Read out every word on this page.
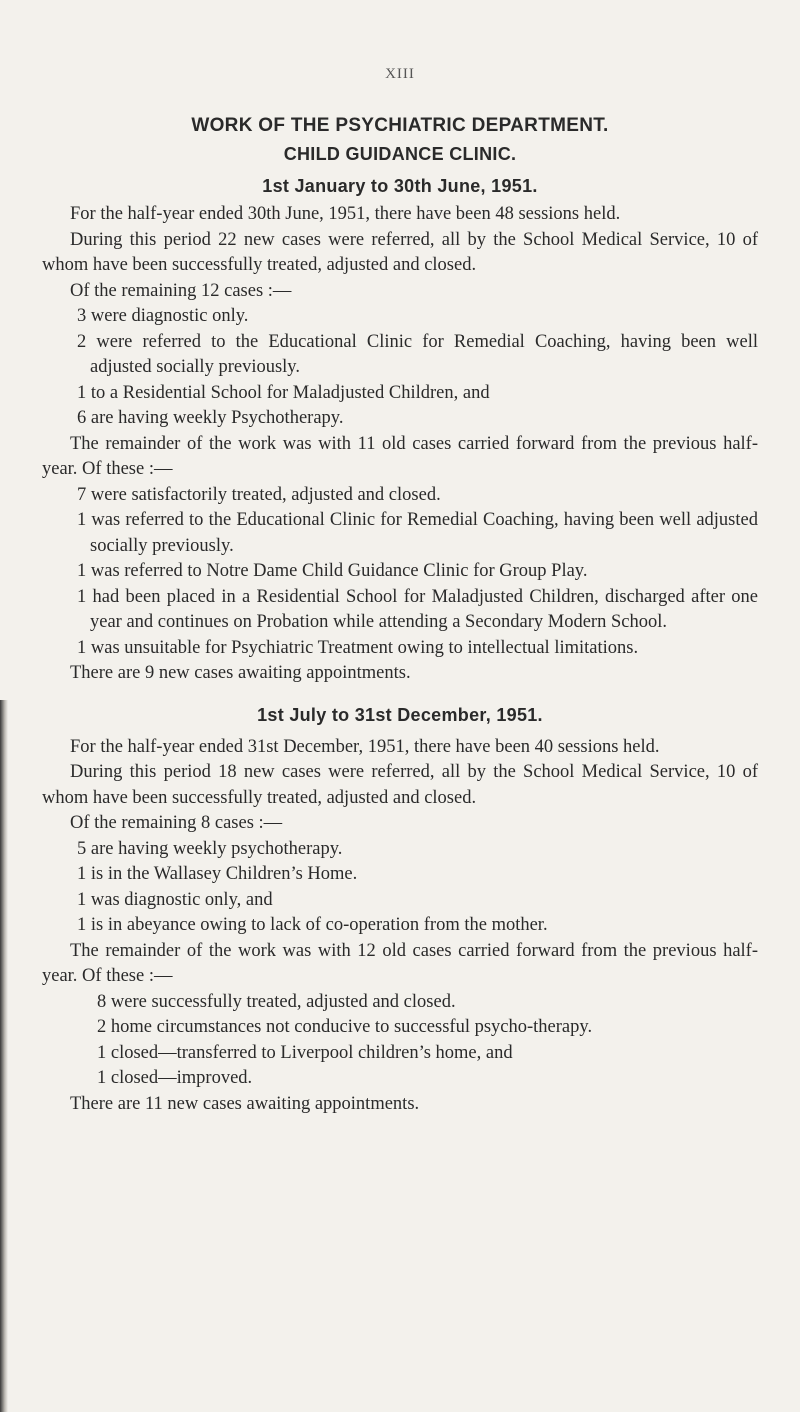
XIII
WORK OF THE PSYCHIATRIC DEPARTMENT.
CHILD GUIDANCE CLINIC.
1st January to 30th June, 1951.

For the half-year ended 30th June, 1951, there have been 48 sessions held.

During this period 22 new cases were referred, all by the School Medical Service, 10 of whom have been successfully treated, adjusted and closed.

Of the remaining 12 cases :—

3 were diagnostic only.

2 were referred to the Educational Clinic for Remedial Coaching, having been well adjusted socially previously.

1 to a Residential School for Maladjusted Children, and

6 are having weekly Psychotherapy.

The remainder of the work was with 11 old cases carried forward from the previous half-year. Of these :—

7 were satisfactorily treated, adjusted and closed.

1 was referred to the Educational Clinic for Remedial Coaching, having been well adjusted socially previously.

1 was referred to Notre Dame Child Guidance Clinic for Group Play.

1 had been placed in a Residential School for Maladjusted Children, discharged after one year and continues on Probation while attending a Secondary Modern School.

1 was unsuitable for Psychiatric Treatment owing to intellectual limitations.

There are 9 new cases awaiting appointments.

1st July to 31st December, 1951.

For the half-year ended 31st December, 1951, there have been 40 sessions held.

During this period 18 new cases were referred, all by the School Medical Service, 10 of whom have been successfully treated, adjusted and closed.

Of the remaining 8 cases :—

5 are having weekly psychotherapy.

1 is in the Wallasey Children’s Home.

1 was diagnostic only, and

1 is in abeyance owing to lack of co-operation from the mother.

The remainder of the work was with 12 old cases carried forward from the previous half-year. Of these :—

8 were successfully treated, adjusted and closed.

2 home circumstances not conducive to successful psycho-therapy.

1 closed—transferred to Liverpool children’s home, and

1 closed—improved.

There are 11 new cases awaiting appointments.
